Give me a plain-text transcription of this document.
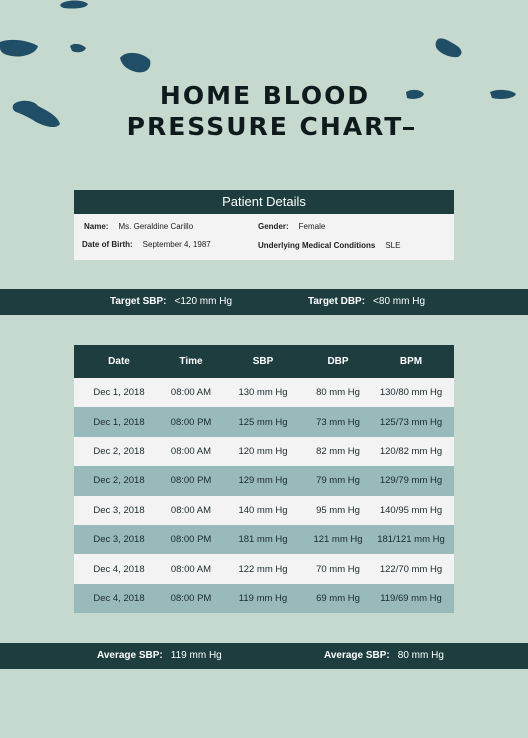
HOME BLOOD PRESSURE CHART
Patient Details
Name: Ms. Geraldine Carillo	Gender: Female
Date of Birth: September 4, 1987	Underlying Medical Conditions SLE
Target SBP: <120 mm Hg	Target DBP: <80 mm Hg
Date	Time	SBP	DBP	BPM
Dec 1, 2018	08:00 AM	130 mm Hg	80 mm Hg	130/80 mm Hg
Dec 1, 2018	08:00 PM	125 mm Hg	73 mm Hg	125/73 mm Hg
Dec 2, 2018	08:00 AM	120 mm Hg	82 mm Hg	120/82 mm Hg
Dec 2, 2018	08:00 PM	129 mm Hg	79 mm Hg	129/79 mm Hg
Dec 3, 2018	08:00 AM	140 mm Hg	95 mm Hg	140/95 mm Hg
Dec 3, 2018	08:00 PM	181 mm Hg	121 mm Hg	181/121 mm Hg
Dec 4, 2018	08:00 AM	122 mm Hg	70 mm Hg	122/70 mm Hg
Dec 4, 2018	08:00 PM	119 mm Hg	69 mm Hg	119/69 mm Hg
Average SBP: 119 mm Hg	Average SBP: 80 mm Hg
